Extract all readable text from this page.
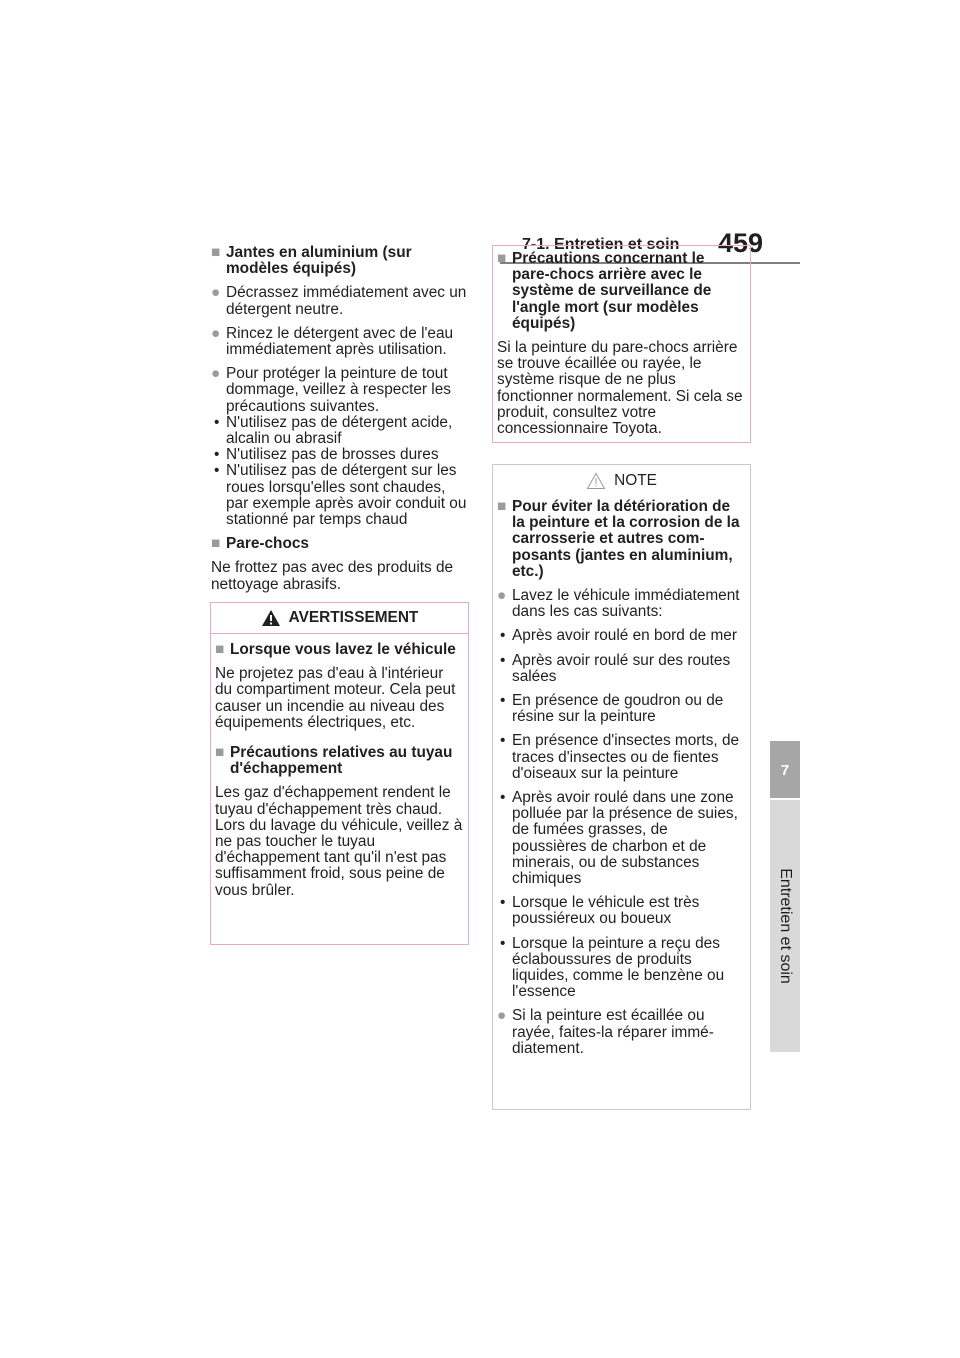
7-1. Entretien et soin 459
7
Entretien et soin
■ Jantes en aluminium (sur modèles équipés)
● Décrassez immédiatement avec un détergent neutre.
● Rincez le détergent avec de l'eau immédiatement après utilisation.
● Pour protéger la peinture de tout dommage, veillez à respecter les précautions suivantes.
• N'utilisez pas de détergent acide, alcalin ou abrasif
• N'utilisez pas de brosses dures
• N'utilisez pas de détergent sur les roues lorsqu'elles sont chaudes, par exemple après avoir conduit ou stationné par temps chaud
■ Pare-chocs

Ne frottez pas avec des produits de nettoyage abrasifs.

AVERTISSEMENT
■ Lorsque vous lavez le véhicule

Ne projetez pas d'eau à l'intérieur du compartiment moteur. Cela peut causer un incendie au niveau des équipements électriques, etc.

■ Précautions relatives au tuyau d'échappement

Les gaz d'échappement rendent le tuyau d'échappement très chaud.

Lors du lavage du véhicule, veillez à ne pas toucher le tuyau d'échappement tant qu'il n'est pas suffisamment froid, sous peine de vous brûler.

■ Précautions concernant le pare-chocs arrière avec le système de surveillance de l'angle mort (sur modèles équipés)

Si la peinture du pare-chocs arrière se trouve écaillée ou rayée, le système risque de ne plus fonctionner normalement. Si cela se produit, consultez votre concessionnaire Toyota.

NOTE
■ Pour éviter la détérioration de la peinture et la corrosion de la carrosserie et autres composants (jantes en aluminium, etc.)
● Lavez le véhicule immédiatement dans les cas suivants:
• Après avoir roulé en bord de mer
• Après avoir roulé sur des routes salées
• En présence de goudron ou de résine sur la peinture
• En présence d'insectes morts, de traces d'insectes ou de fientes d'oiseaux sur la peinture
• Après avoir roulé dans une zone polluée par la présence de suies, de fumées grasses, de poussières de charbon et de minerais, ou de substances chimiques
• Lorsque le véhicule est très poussiéreux ou boueux
• Lorsque la peinture a reçu des éclaboussures de produits liquides, comme le benzène ou l'essence
● Si la peinture est écaillée ou rayée, faites-la réparer immédiatement.
